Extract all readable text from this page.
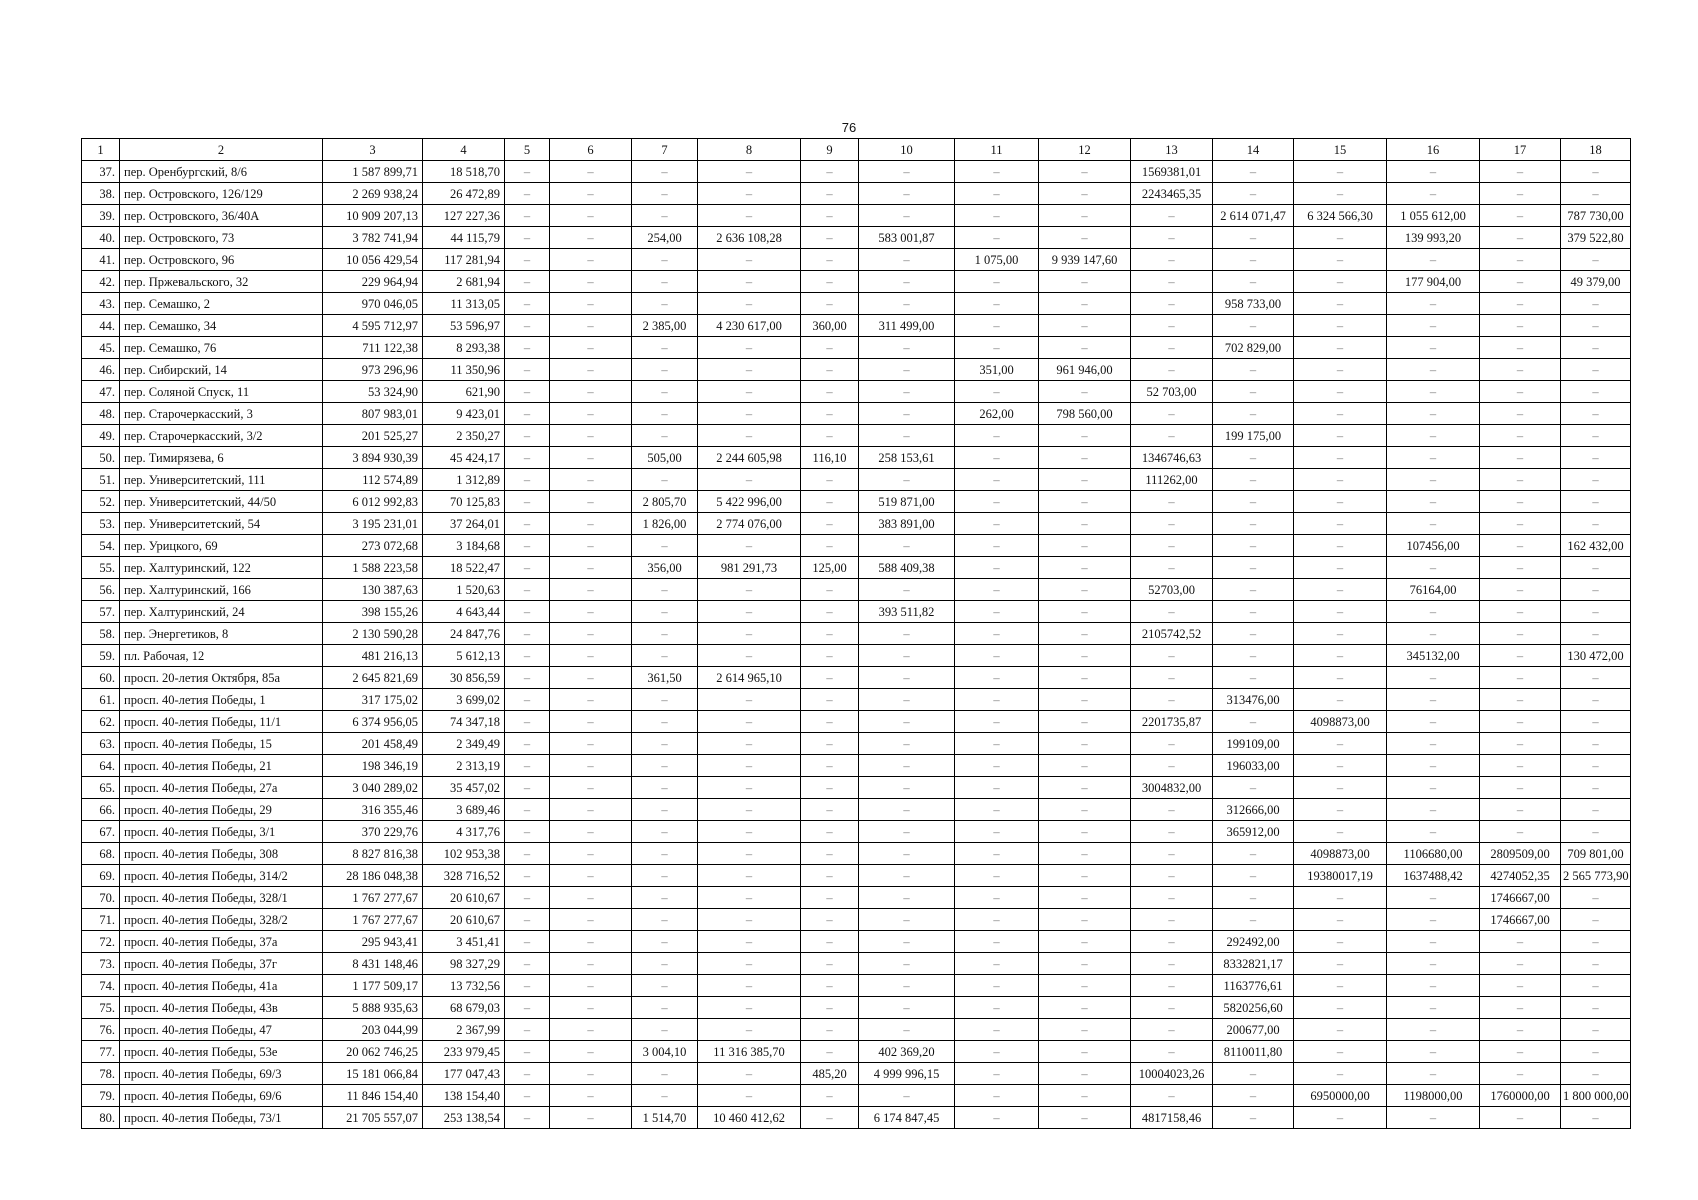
76
1	2	3	4	5	6	7	8	9	10	11	12	13	14	15	16	17	18
37.	пер. Оренбургский, 8/6	1 587 899,71	18 518,70	–	–	–	–	–	–	–	–	1569381,01	–	–	–	–	–
38.	пер. Островского, 126/129	2 269 938,24	26 472,89	–	–	–	–	–	–	–	–	2243465,35	–	–	–	–	–
39.	пер. Островского, 36/40А	10 909 207,13	127 227,36	–	–	–	–	–	–	–	–	–	2 614 071,47	6 324 566,30	1 055 612,00	–	787 730,00
40.	пер. Островского, 73	3 782 741,94	44 115,79	–	–	254,00	2 636 108,28	–	583 001,87	–	–	–	–	–	139 993,20	–	379 522,80
41.	пер. Островского, 96	10 056 429,54	117 281,94	–	–	–	–	–	–	1 075,00	9 939 147,60	–	–	–	–	–	–
42.	пер. Пржевальского, 32	229 964,94	2 681,94	–	–	–	–	–	–	–	–	–	–	–	177 904,00	–	49 379,00
43.	пер. Семашко, 2	970 046,05	11 313,05	–	–	–	–	–	–	–	–	–	958 733,00	–	–	–	–
44.	пер. Семашко, 34	4 595 712,97	53 596,97	–	–	2 385,00	4 230 617,00	360,00	311 499,00	–	–	–	–	–	–	–	–
45.	пер. Семашко, 76	711 122,38	8 293,38	–	–	–	–	–	–	–	–	–	702 829,00	–	–	–	–
46.	пер. Сибирский, 14	973 296,96	11 350,96	–	–	–	–	–	–	351,00	961 946,00	–	–	–	–	–	–
47.	пер. Соляной Спуск, 11	53 324,90	621,90	–	–	–	–	–	–	–	–	52 703,00	–	–	–	–	–
48.	пер. Старочеркасский, 3	807 983,01	9 423,01	–	–	–	–	–	–	262,00	798 560,00	–	–	–	–	–	–
49.	пер. Старочеркасский, 3/2	201 525,27	2 350,27	–	–	–	–	–	–	–	–	–	199 175,00	–	–	–	–
50.	пер. Тимирязева, 6	3 894 930,39	45 424,17	–	–	505,00	2 244 605,98	116,10	258 153,61	–	–	1346746,63	–	–	–	–	–
51.	пер. Университетский, 111	112 574,89	1 312,89	–	–	–	–	–	–	–	–	111262,00	–	–	–	–	–
52.	пер. Университетский, 44/50	6 012 992,83	70 125,83	–	–	2 805,70	5 422 996,00	–	519 871,00	–	–	–	–	–	–	–	–
53.	пер. Университетский, 54	3 195 231,01	37 264,01	–	–	1 826,00	2 774 076,00	–	383 891,00	–	–	–	–	–	–	–	–
54.	пер. Урицкого, 69	273 072,68	3 184,68	–	–	–	–	–	–	–	–	–	–	–	107456,00	–	162 432,00
55.	пер. Халтуринский, 122	1 588 223,58	18 522,47	–	–	356,00	981 291,73	125,00	588 409,38	–	–	–	–	–	–	–	–
56.	пер. Халтуринский, 166	130 387,63	1 520,63	–	–	–	–	–	–	–	–	52703,00	–	–	76164,00	–	–
57.	пер. Халтуринский, 24	398 155,26	4 643,44	–	–	–	–	–	393 511,82	–	–	–	–	–	–	–	–
58.	пер. Энергетиков, 8	2 130 590,28	24 847,76	–	–	–	–	–	–	–	–	2105742,52	–	–	–	–	–
59.	пл. Рабочая, 12	481 216,13	5 612,13	–	–	–	–	–	–	–	–	–	–	–	345132,00	–	130 472,00
60.	просп. 20-летия Октября, 85а	2 645 821,69	30 856,59	–	–	361,50	2 614 965,10	–	–	–	–	–	–	–	–	–	–
61.	просп. 40-летия Победы, 1	317 175,02	3 699,02	–	–	–	–	–	–	–	–	–	313476,00	–	–	–	–
62.	просп. 40-летия Победы, 11/1	6 374 956,05	74 347,18	–	–	–	–	–	–	–	–	2201735,87	–	4098873,00	–	–	–
63.	просп. 40-летия Победы, 15	201 458,49	2 349,49	–	–	–	–	–	–	–	–	–	199109,00	–	–	–	–
64.	просп. 40-летия Победы, 21	198 346,19	2 313,19	–	–	–	–	–	–	–	–	–	196033,00	–	–	–	–
65.	просп. 40-летия Победы, 27а	3 040 289,02	35 457,02	–	–	–	–	–	–	–	–	3004832,00	–	–	–	–	–
66.	просп. 40-летия Победы, 29	316 355,46	3 689,46	–	–	–	–	–	–	–	–	–	312666,00	–	–	–	–
67.	просп. 40-летия Победы, 3/1	370 229,76	4 317,76	–	–	–	–	–	–	–	–	–	365912,00	–	–	–	–
68.	просп. 40-летия Победы, 308	8 827 816,38	102 953,38	–	–	–	–	–	–	–	–	–	–	4098873,00	1106680,00	2809509,00	709 801,00
69.	просп. 40-летия Победы, 314/2	28 186 048,38	328 716,52	–	–	–	–	–	–	–	–	–	–	19380017,19	1637488,42	4274052,35	2 565 773,90
70.	просп. 40-летия Победы, 328/1	1 767 277,67	20 610,67	–	–	–	–	–	–	–	–	–	–	–	–	1746667,00	–
71.	просп. 40-летия Победы, 328/2	1 767 277,67	20 610,67	–	–	–	–	–	–	–	–	–	–	–	–	1746667,00	–
72.	просп. 40-летия Победы, 37а	295 943,41	3 451,41	–	–	–	–	–	–	–	–	–	292492,00	–	–	–	–
73.	просп. 40-летия Победы, 37г	8 431 148,46	98 327,29	–	–	–	–	–	–	–	–	–	8332821,17	–	–	–	–
74.	просп. 40-летия Победы, 41а	1 177 509,17	13 732,56	–	–	–	–	–	–	–	–	–	1163776,61	–	–	–	–
75.	просп. 40-летия Победы, 43в	5 888 935,63	68 679,03	–	–	–	–	–	–	–	–	–	5820256,60	–	–	–	–
76.	просп. 40-летия Победы, 47	203 044,99	2 367,99	–	–	–	–	–	–	–	–	–	200677,00	–	–	–	–
77.	просп. 40-летия Победы, 53е	20 062 746,25	233 979,45	–	–	3 004,10	11 316 385,70	–	402 369,20	–	–	–	8110011,80	–	–	–	–
78.	просп. 40-летия Победы, 69/3	15 181 066,84	177 047,43	–	–	–	–	485,20	4 999 996,15	–	–	10004023,26	–	–	–	–	–
79.	просп. 40-летия Победы, 69/6	11 846 154,40	138 154,40	–	–	–	–	–	–	–	–	–	–	6950000,00	1198000,00	1760000,00	1 800 000,00
80.	просп. 40-летия Победы, 73/1	21 705 557,07	253 138,54	–	–	1 514,70	10 460 412,62	–	6 174 847,45	–	–	4817158,46	–	–	–	–	–
